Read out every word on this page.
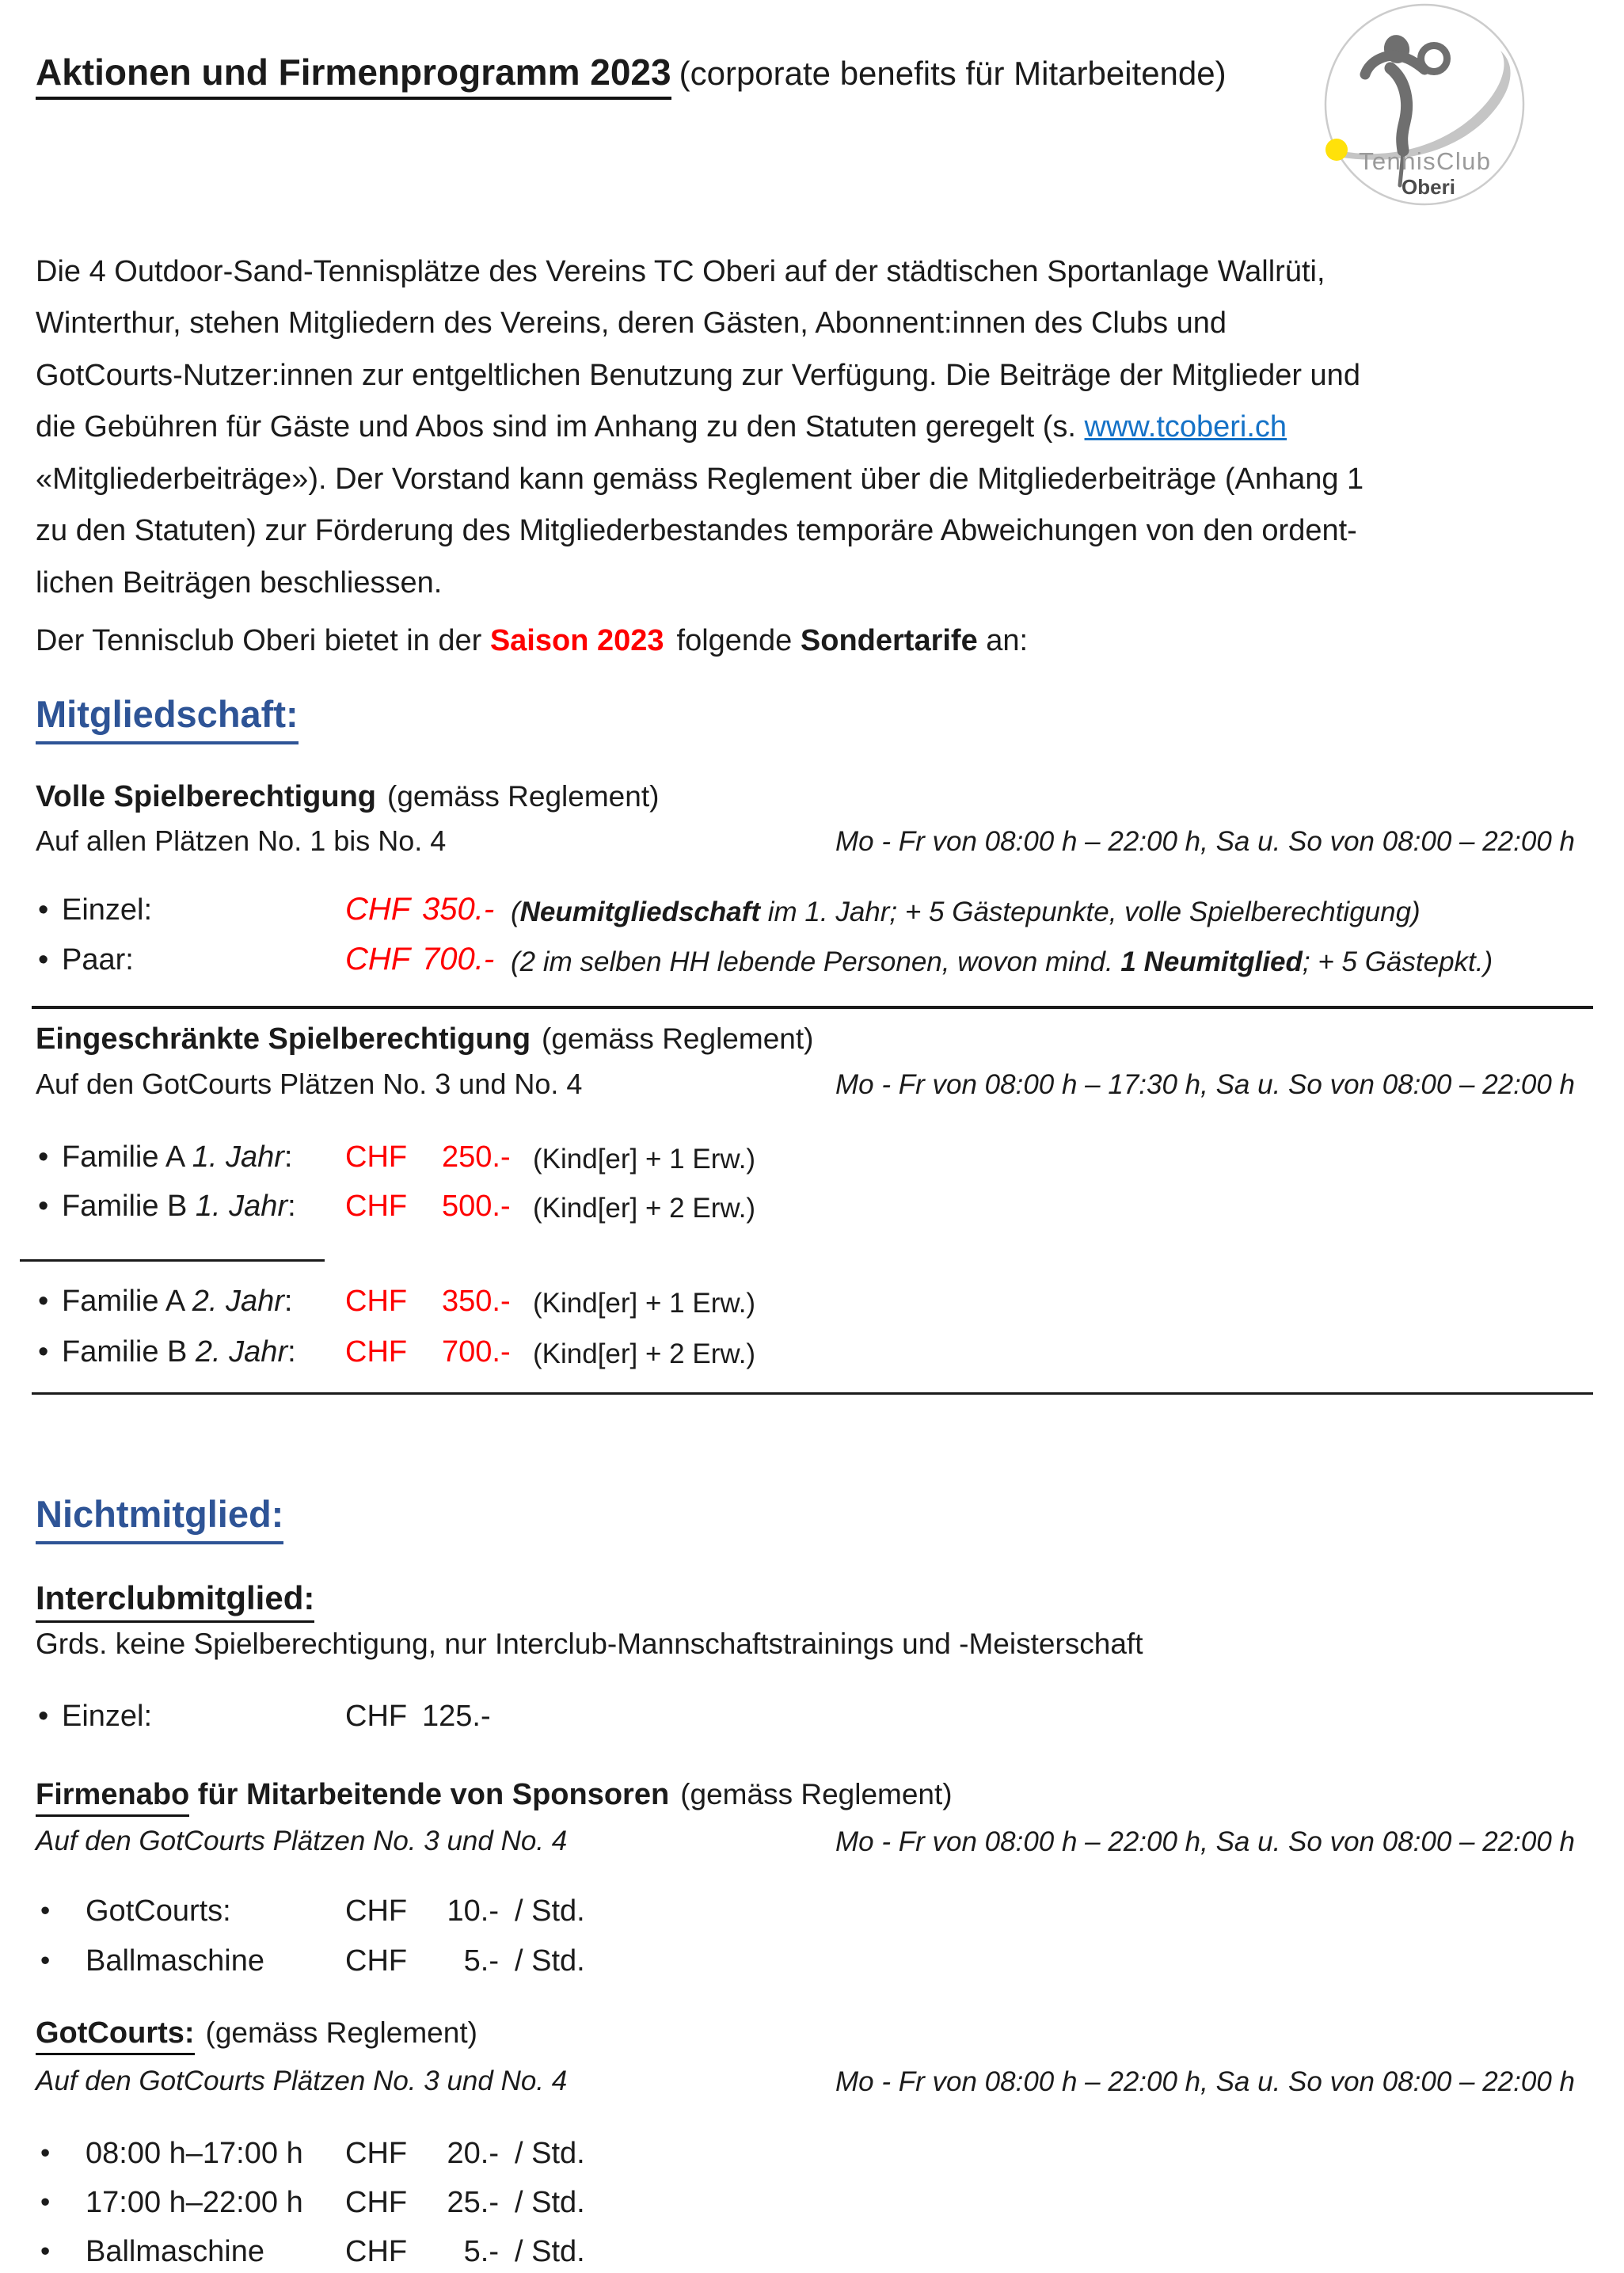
Aktionen und Firmenprogramm 2023 (corporate benefits für Mitarbeitende)
TennisClub
Oberi
Die 4 Outdoor-Sand-Tennisplätze des Vereins TC Oberi auf der städtischen Sportanlage Wallrüti,
Winterthur, stehen Mitgliedern des Vereins, deren Gästen, Abonnent:innen des Clubs und
GotCourts-Nutzer:innen zur entgeltlichen Benutzung zur Verfügung. Die Beiträge der Mitglieder und
die Gebühren für Gäste und Abos sind im Anhang zu den Statuten geregelt (s. www.tcoberi.ch
«Mitgliederbeiträge»). Der Vorstand kann gemäss Reglement über die Mitgliederbeiträge (Anhang 1
zu den Statuten) zur Förderung des Mitgliederbestandes temporäre Abweichungen von den ordent-
lichen Beiträgen beschliessen.
Der Tennisclub Oberi bietet in der Saison 2023 folgende Sondertarife an:
Mitgliedschaft:
Volle Spielberechtigung (gemäss Reglement)
Auf allen Plätzen No. 1 bis No. 4	Mo - Fr von 08:00 h – 22:00 h, Sa u. So von 08:00 – 22:00 h
• Einzel:	CHF 350.- (Neumitgliedschaft im 1. Jahr; + 5 Gästepunkte, volle Spielberechtigung)
• Paar:	CHF 700.- (2 im selben HH lebende Personen, wovon mind. 1 Neumitglied; + 5 Gästepkt.)
Eingeschränkte Spielberechtigung (gemäss Reglement)
Auf den GotCourts Plätzen No. 3 und No. 4	Mo - Fr von 08:00 h – 17:30 h, Sa u. So von 08:00 – 22:00 h
• Familie A 1. Jahr: CHF 250.- (Kind[er] + 1 Erw.)
• Familie B 1. Jahr: CHF 500.- (Kind[er] + 2 Erw.)
• Familie A 2. Jahr: CHF 350.- (Kind[er] + 1 Erw.)
• Familie B 2. Jahr: CHF 700.- (Kind[er] + 2 Erw.)
Nichtmitglied:
Interclubmitglied:
Grds. keine Spielberechtigung, nur Interclub-Mannschaftstrainings und -Meisterschaft
• Einzel:	CHF 125.-
Firmenabo für Mitarbeitende von Sponsoren (gemäss Reglement)
Auf den GotCourts Plätzen No. 3 und No. 4	Mo - Fr von 08:00 h – 22:00 h, Sa u. So von 08:00 – 22:00 h
• GotCourts:	CHF	10.- / Std.
• Ballmaschine	CHF	5.- / Std.
GotCourts: (gemäss Reglement)
Auf den GotCourts Plätzen No. 3 und No. 4	Mo - Fr von 08:00 h – 22:00 h, Sa u. So von 08:00 – 22:00 h
• 08:00 h–17:00 h CHF	20.- / Std.
• 17:00 h–22:00 h CHF	25.- / Std.
• Ballmaschine	CHF	5.- / Std.
